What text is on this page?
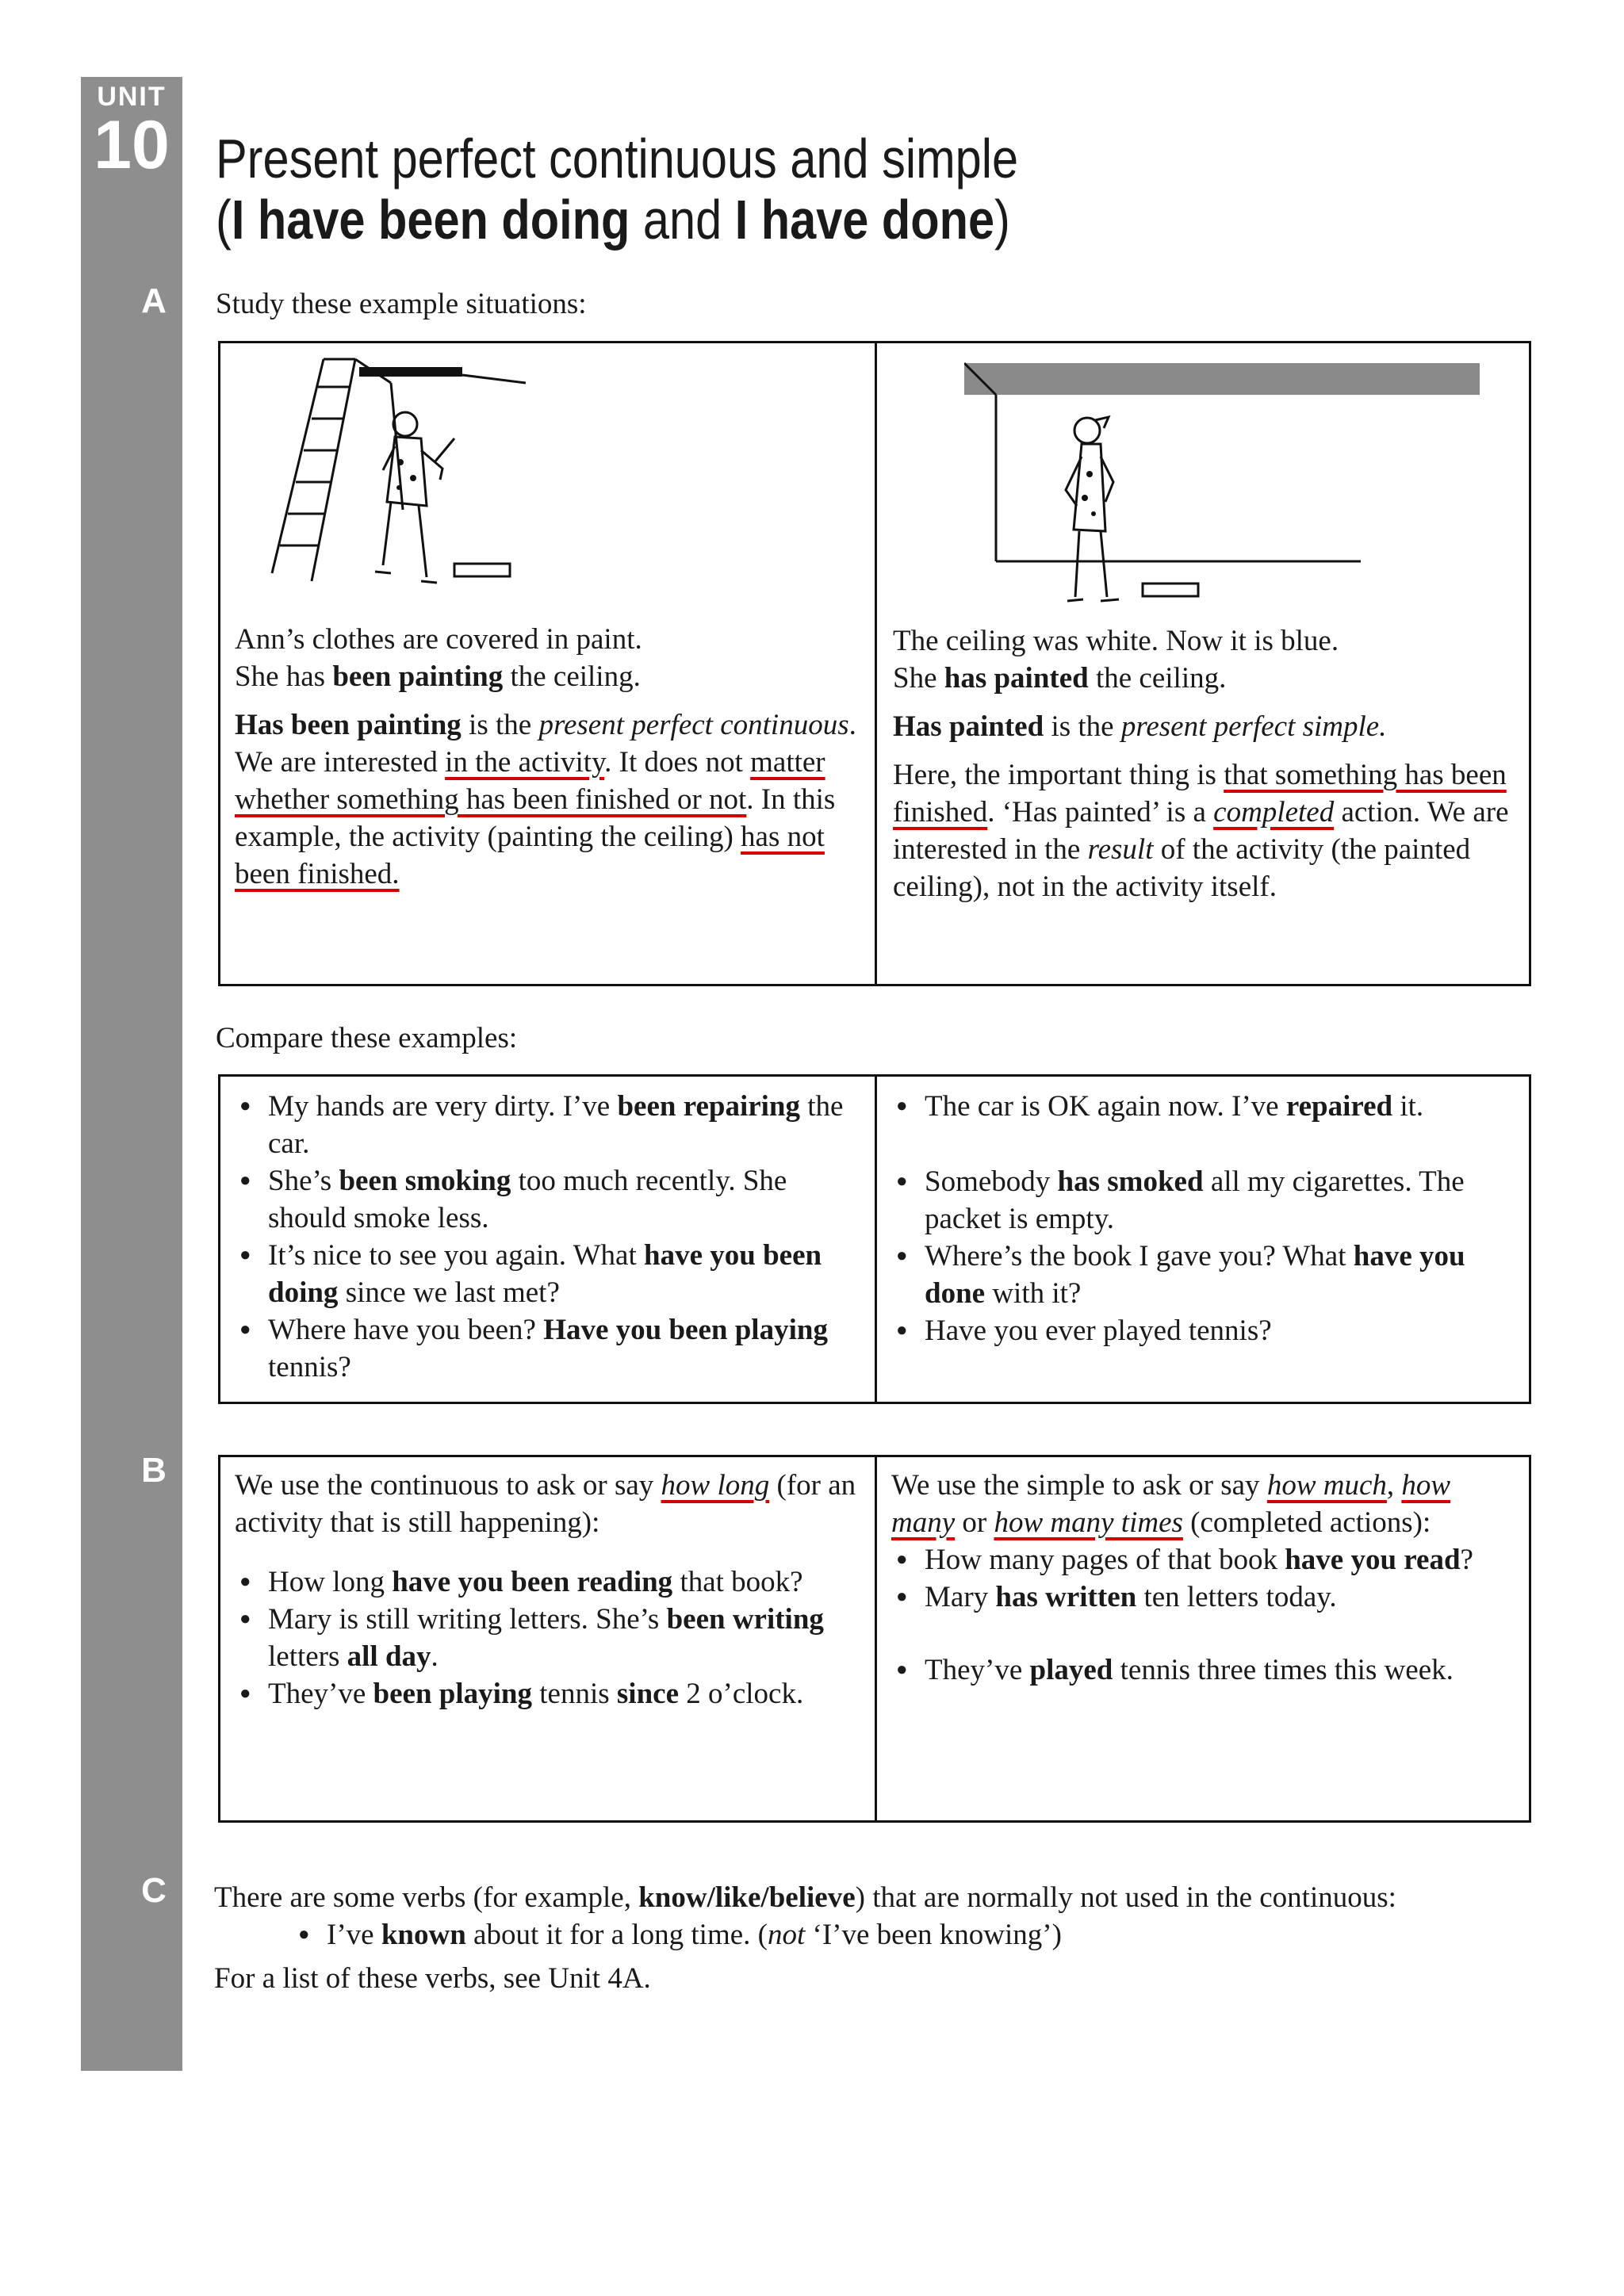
UNIT
10
A
B
C
Present perfect continuous and simple
(I have been doing and I have done)
Study these example situations:

Ann’s clothes are covered in paint.

She has been painting the ceiling.

Has been painting is the present perfect continuous.

We are interested in the activity. It does not matter whether something has been finished or not. In this example, the activity (painting the ceiling) has not been finished.

The ceiling was white. Now it is blue.

She has painted the ceiling.

Has painted is the present perfect simple.

Here, the important thing is that something has been finished. ‘Has painted’ is a completed action. We are interested in the result of the activity (the painted ceiling), not in the activity itself.

Compare these examples:
● My hands are very dirty. I’ve been repairing the car.
● She’s been smoking too much recently. She should smoke less.
● It’s nice to see you again. What have you been doing since we last met?
● Where have you been? Have you been playing tennis?
● The car is OK again now. I’ve repaired it.
● Somebody has smoked all my cigarettes. The packet is empty.
● Where’s the book I gave you? What have you done with it?
● Have you ever played tennis?

We use the continuous to ask or say how long (for an activity that is still happening):

● How long have you been reading that book?
● Mary is still writing letters. She’s been writing letters all day.
● They’ve been playing tennis since 2 o’clock.

We use the simple to ask or say how much, how many or how many times (completed actions):

● How many pages of that book have you read?
● Mary has written ten letters today.
● They’ve played tennis three times this week.

There are some verbs (for example, know/like/believe) that are normally not used in the continuous:

● I’ve known about it for a long time. (not ‘I’ve been knowing’)

For a list of these verbs, see Unit 4A.
